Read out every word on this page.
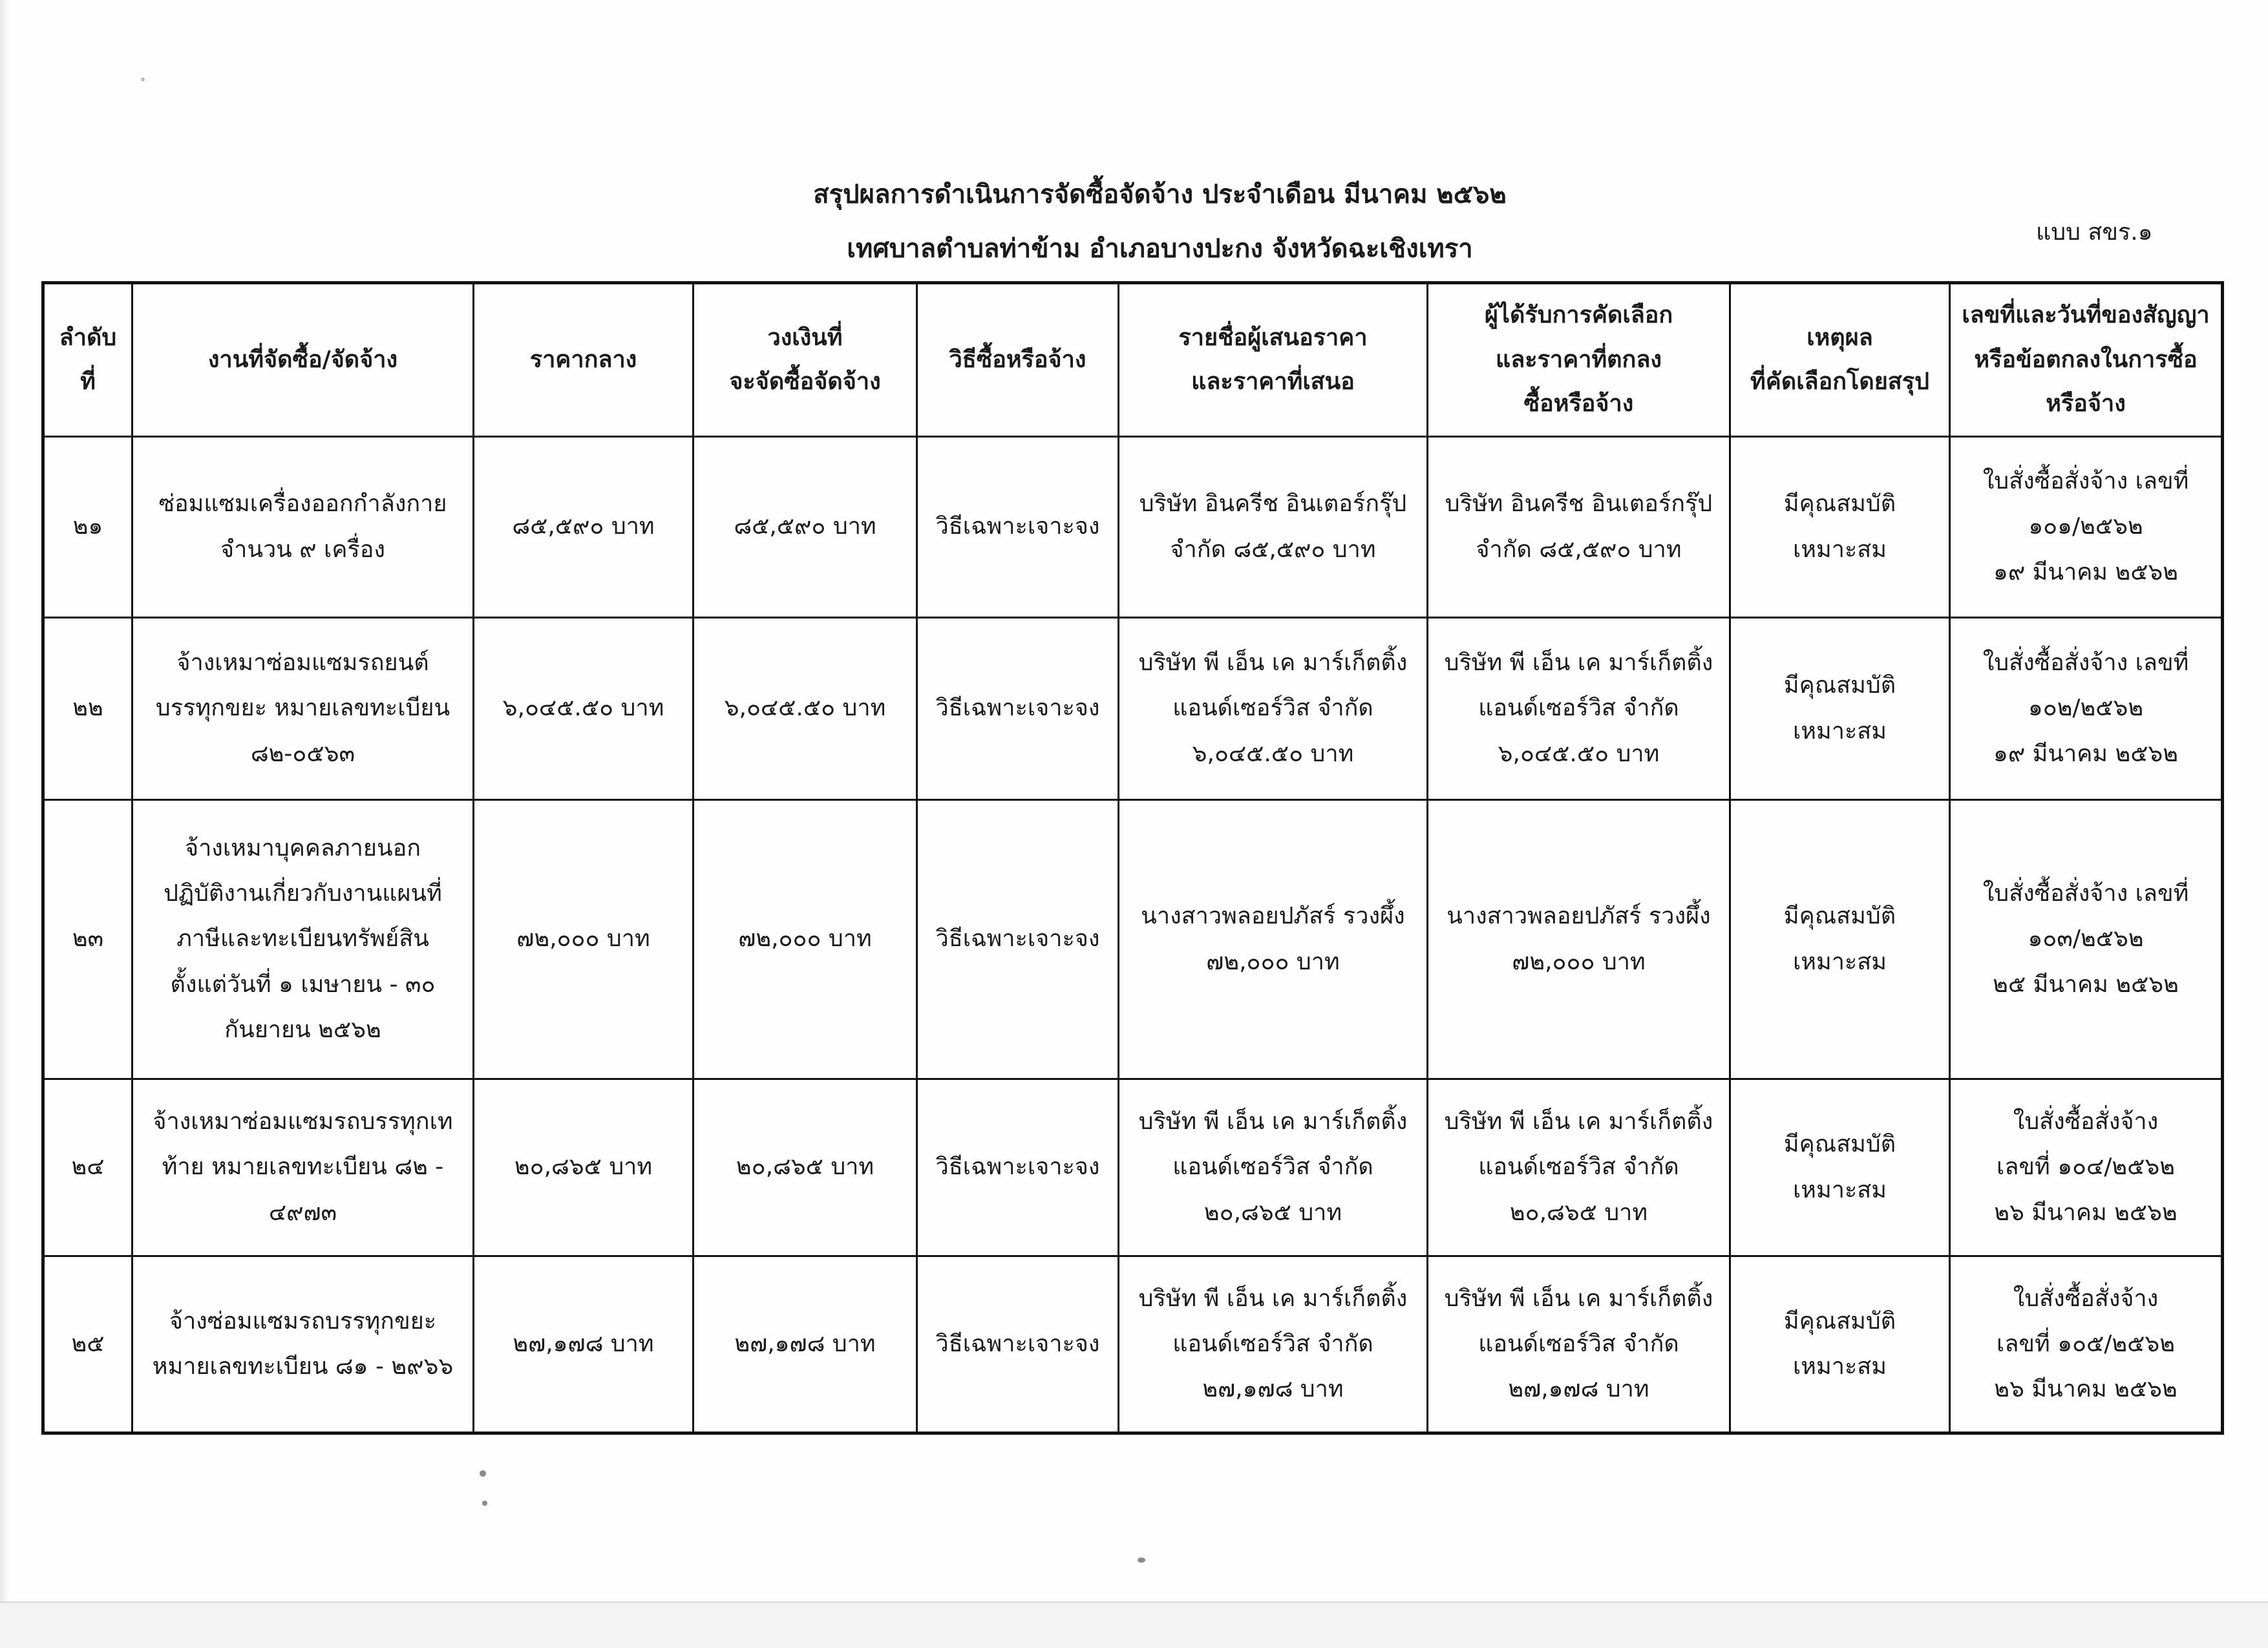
สรุปผลการดำเนินการจัดซื้อจัดจ้าง ประจำเดือน มีนาคม ๒๕๖๒
เทศบาลตำบลท่าข้าม อำเภอบางปะกง จังหวัดฉะเชิงเทรา
แบบ สขร.๑
ลำดับที่	งานที่จัดซื้อ/จัดจ้าง	ราคากลาง	วงเงินที่
จะจัดซื้อจัดจ้าง	วิธีซื้อหรือจ้าง	รายชื่อผู้เสนอราคา
และราคาที่เสนอ	ผู้ได้รับการคัดเลือก
และราคาที่ตกลง
ซื้อหรือจ้าง	เหตุผล
ที่คัดเลือกโดยสรุป	เลขที่และวันที่ของสัญญา
หรือข้อตกลงในการซื้อ
หรือจ้าง
๒๑	ซ่อมแซมเครื่องออกกำลังกาย
จำนวน ๙ เครื่อง	๘๕,๕๙๐ บาท	๘๕,๕๙๐ บาท	วิธีเฉพาะเจาะจง	บริษัท อินครีช อินเตอร์กรุ๊ป
จำกัด ๘๕,๕๙๐ บาท	บริษัท อินครีช อินเตอร์กรุ๊ป
จำกัด ๘๕,๕๙๐ บาท	มีคุณสมบัติ
เหมาะสม	ใบสั่งซื้อสั่งจ้าง เลขที่
๑๐๑/๒๕๖๒
๑๙ มีนาคม ๒๕๖๒
๒๒	จ้างเหมาซ่อมแซมรถยนต์
บรรทุกขยะ หมายเลขทะเบียน
๘๒-๐๕๖๓	๖,๐๔๕.๕๐ บาท	๖,๐๔๕.๕๐ บาท	วิธีเฉพาะเจาะจง	บริษัท พี เอ็น เค มาร์เก็ตติ้ง
แอนด์เซอร์วิส จำกัด
๖,๐๔๕.๕๐ บาท	บริษัท พี เอ็น เค มาร์เก็ตติ้ง
แอนด์เซอร์วิส จำกัด
๖,๐๔๕.๕๐ บาท	มีคุณสมบัติ
เหมาะสม	ใบสั่งซื้อสั่งจ้าง เลขที่
๑๐๒/๒๕๖๒
๑๙ มีนาคม ๒๕๖๒
๒๓	จ้างเหมาบุคคลภายนอก
ปฏิบัติงานเกี่ยวกับงานแผนที่
ภาษีและทะเบียนทรัพย์สิน
ตั้งแต่วันที่ ๑ เมษายน - ๓๐
กันยายน ๒๕๖๒	๗๒,๐๐๐ บาท	๗๒,๐๐๐ บาท	วิธีเฉพาะเจาะจง	นางสาวพลอยปภัสร์ รวงผึ้ง
๗๒,๐๐๐ บาท	นางสาวพลอยปภัสร์ รวงผึ้ง
๗๒,๐๐๐ บาท	มีคุณสมบัติ
เหมาะสม	ใบสั่งซื้อสั่งจ้าง เลขที่
๑๐๓/๒๕๖๒
๒๕ มีนาคม ๒๕๖๒
๒๔	จ้างเหมาซ่อมแซมรถบรรทุกเท
ท้าย หมายเลขทะเบียน ๘๒ -
๔๙๗๓	๒๐,๘๖๕ บาท	๒๐,๘๖๕ บาท	วิธีเฉพาะเจาะจง	บริษัท พี เอ็น เค มาร์เก็ตติ้ง
แอนด์เซอร์วิส จำกัด
๒๐,๘๖๕ บาท	บริษัท พี เอ็น เค มาร์เก็ตติ้ง
แอนด์เซอร์วิส จำกัด
๒๐,๘๖๕ บาท	มีคุณสมบัติ
เหมาะสม	ใบสั่งซื้อสั่งจ้าง
เลขที่ ๑๐๔/๒๕๖๒
๒๖ มีนาคม ๒๕๖๒
๒๕	จ้างซ่อมแซมรถบรรทุกขยะ
หมายเลขทะเบียน ๘๑ - ๒๙๖๖	๒๗,๑๗๘ บาท	๒๗,๑๗๘ บาท	วิธีเฉพาะเจาะจง	บริษัท พี เอ็น เค มาร์เก็ตติ้ง
แอนด์เซอร์วิส จำกัด
๒๗,๑๗๘ บาท	บริษัท พี เอ็น เค มาร์เก็ตติ้ง
แอนด์เซอร์วิส จำกัด
๒๗,๑๗๘ บาท	มีคุณสมบัติ
เหมาะสม	ใบสั่งซื้อสั่งจ้าง
เลขที่ ๑๐๕/๒๕๖๒
๒๖ มีนาคม ๒๕๖๒
